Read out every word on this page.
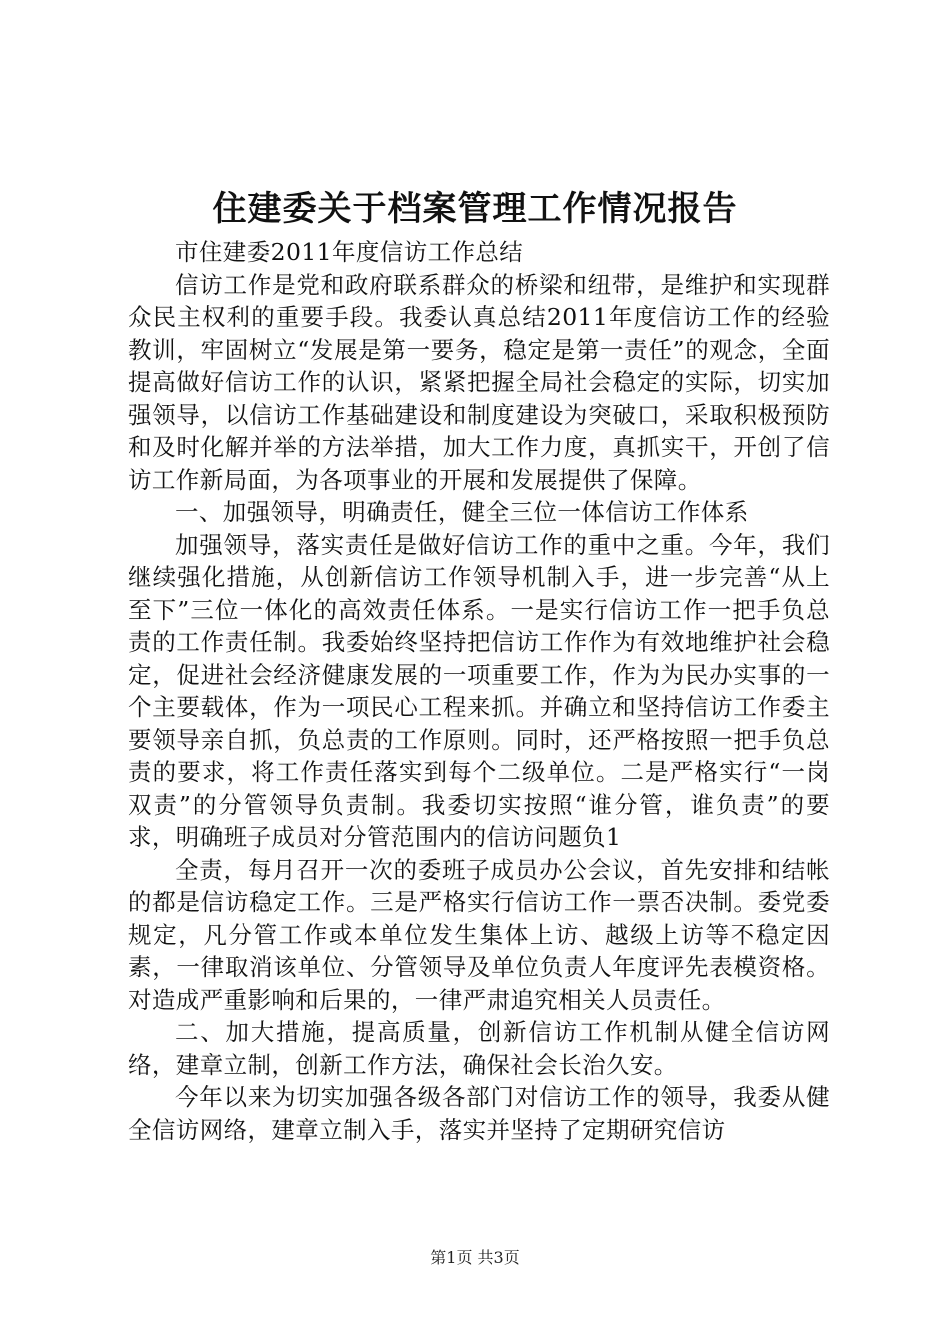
住建委关于档案管理工作情况报告

市住建委2011年度信访工作总结

信访工作是党和政府联系群众的桥梁和纽带，是维护和实现群众民主权利的重要手段。我委认真总结2011年度信访工作的经验教训，牢固树立“发展是第一要务，稳定是第一责任”的观念，全面提高做好信访工作的认识，紧紧把握全局社会稳定的实际，切实加强领导，以信访工作基础建设和制度建设为突破口，采取积极预防和及时化解并举的方法举措，加大工作力度，真抓实干，开创了信访工作新局面，为各项事业的开展和发展提供了保障。

一、加强领导，明确责任，健全三位一体信访工作体系

加强领导，落实责任是做好信访工作的重中之重。今年，我们继续强化措施，从创新信访工作领导机制入手，进一步完善“从上至下”三位一体化的高效责任体系。一是实行信访工作一把手负总责的工作责任制。我委始终坚持把信访工作作为有效地维护社会稳定，促进社会经济健康发展的一项重要工作，作为为民办实事的一个主要载体，作为一项民心工程来抓。并确立和坚持信访工作委主要领导亲自抓，负总责的工作原则。同时，还严格按照一把手负总责的要求，将工作责任落实到每个二级单位。二是严格实行“一岗双责”的分管领导负责制。我委切实按照“谁分管，谁负责”的要求，明确班子成员对分管范围内的信访问题负1

全责，每月召开一次的委班子成员办公会议，首先安排和结帐的都是信访稳定工作。三是严格实行信访工作一票否决制。委党委规定，凡分管工作或本单位发生集体上访、越级上访等不稳定因素，一律取消该单位、分管领导及单位负责人年度评先表模资格。对造成严重影响和后果的，一律严肃追究相关人员责任。

二、加大措施，提高质量，创新信访工作机制从健全信访网络，建章立制，创新工作方法，确保社会长治久安。

今年以来为切实加强各级各部门对信访工作的领导，我委从健全信访网络，建章立制入手，落实并坚持了定期研究信访

第1页 共3页
